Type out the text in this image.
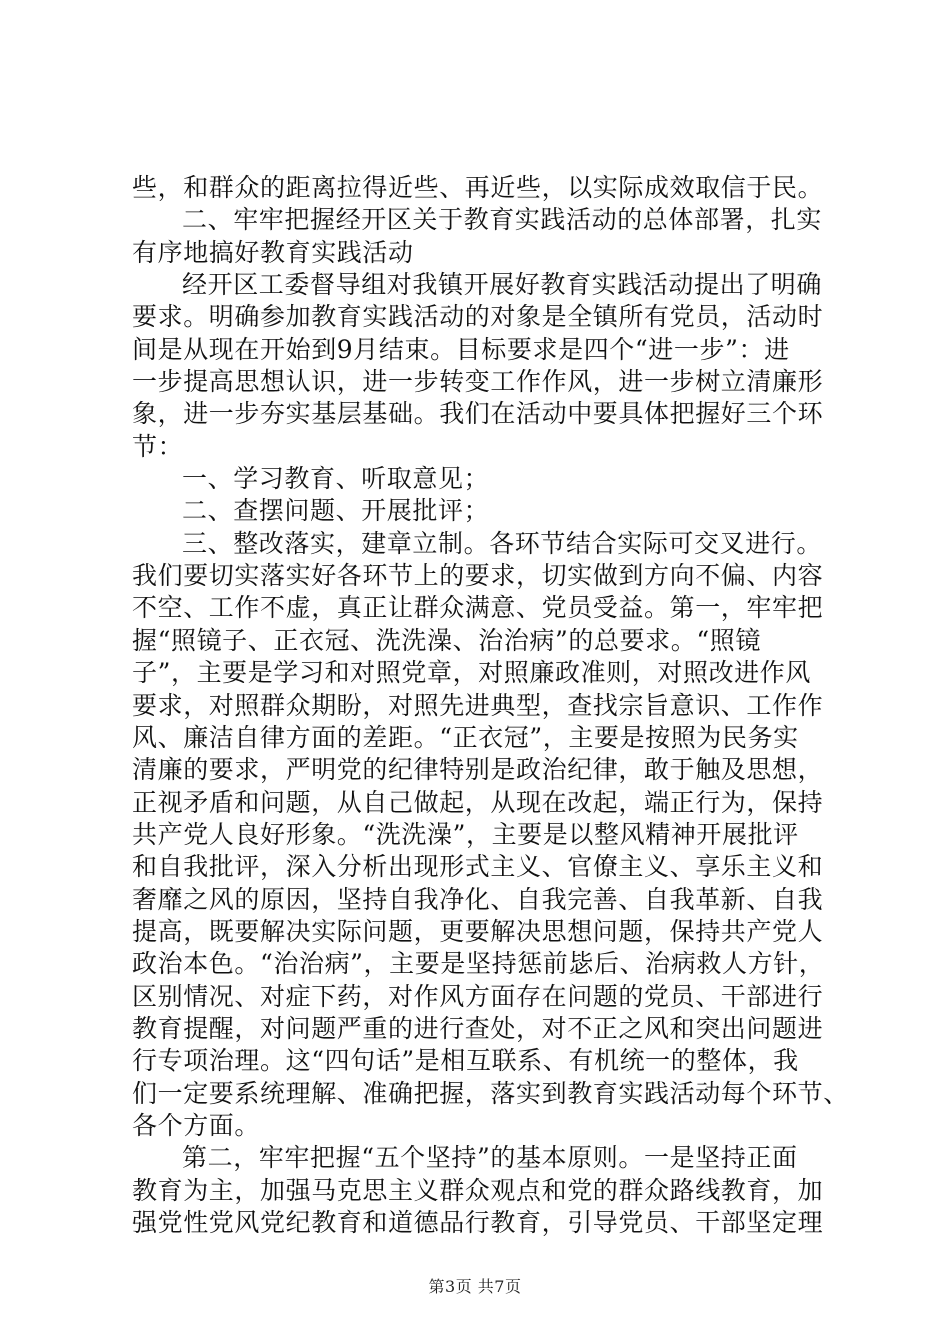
些，和群众的距离拉得近些、再近些，以实际成效取信于民。
二、牢牢把握经开区关于教育实践活动的总体部署，扎实
有序地搞好教育实践活动
经开区工委督导组对我镇开展好教育实践活动提出了明确
要求。明确参加教育实践活动的对象是全镇所有党员，活动时
间是从现在开始到9月结束。目标要求是四个“进一步”：进
一步提高思想认识，进一步转变工作作风，进一步树立清廉形
象，进一步夯实基层基础。我们在活动中要具体把握好三个环
节：
一、学习教育、听取意见；
二、查摆问题、开展批评；
三、整改落实，建章立制。各环节结合实际可交叉进行。
我们要切实落实好各环节上的要求，切实做到方向不偏、内容
不空、工作不虚，真正让群众满意、党员受益。第一，牢牢把
握“照镜子、正衣冠、洗洗澡、治治病”的总要求。“照镜
子”，主要是学习和对照党章，对照廉政准则，对照改进作风
要求，对照群众期盼，对照先进典型，查找宗旨意识、工作作
风、廉洁自律方面的差距。“正衣冠”，主要是按照为民务实
清廉的要求，严明党的纪律特别是政治纪律，敢于触及思想，
正视矛盾和问题，从自己做起，从现在改起，端正行为，保持
共产党人良好形象。“洗洗澡”，主要是以整风精神开展批评
和自我批评，深入分析出现形式主义、官僚主义、享乐主义和
奢靡之风的原因，坚持自我净化、自我完善、自我革新、自我
提高，既要解决实际问题，更要解决思想问题，保持共产党人
政治本色。“治治病”，主要是坚持惩前毖后、治病救人方针，
区别情况、对症下药，对作风方面存在问题的党员、干部进行
教育提醒，对问题严重的进行查处，对不正之风和突出问题进
行专项治理。这“四句话”是相互联系、有机统一的整体，我
们一定要系统理解、准确把握，落实到教育实践活动每个环节、
各个方面。
第二，牢牢把握“五个坚持”的基本原则。一是坚持正面
教育为主，加强马克思主义群众观点和党的群众路线教育，加
强党性党风党纪教育和道德品行教育，引导党员、干部坚定理
第3页 共7页
